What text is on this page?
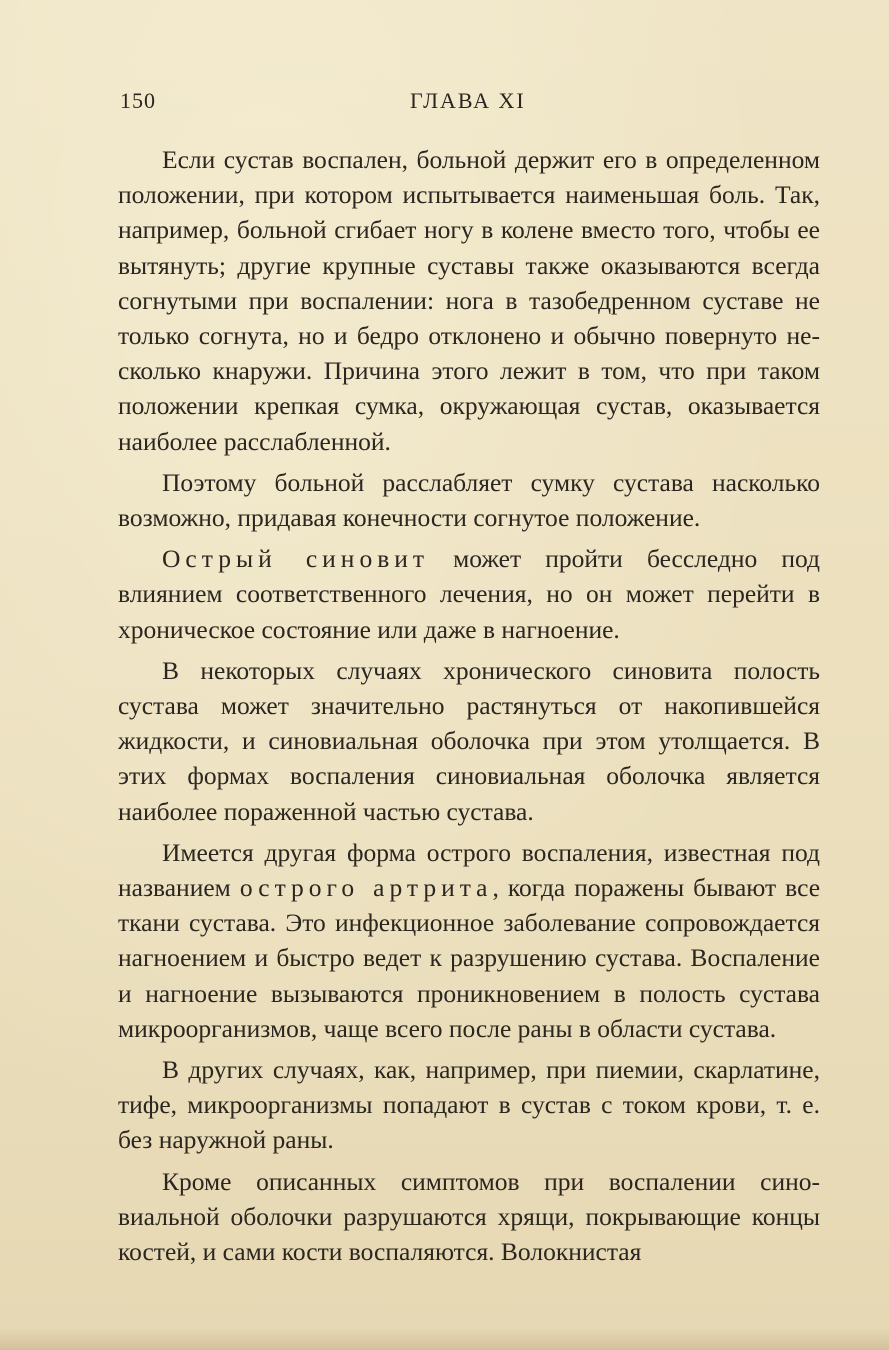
150	ГЛАВА XI

Если сустав воспален, больной держит его в определенном положении, при котором испытывается наименьшая боль. Так, например, больной сгибает ногу в колене вместо того, чтобы ее вытянуть; другие крупные суставы также оказываются всегда согнутыми при воспалении: нога в тазобедренном суставе не только согнута, но и бедро отклонено и обычно повернуто несколько кнаружи. Причина этого лежит в том, что при таком положении крепкая сумка, окружающая сустав, оказывается наиболее расслабленной.

Поэтому больной расслабляет сумку сустава насколько возможно, придавая конечности согнутое положение.

Острый синовит может пройти бесследно под влиянием соответственного лечения, но он может перейти в хроническое состояние или даже в нагноение.

В некоторых случаях хронического синовита полость сустава может значительно растянуться от накопившейся жидкости, и синовиальная оболочка при этом утолщается. В этих формах воспаления синовиальная оболочка является наиболее пораженной частью сустава.

Имеется другая форма острого воспаления, известная под названием острого артрита, когда поражены бывают все ткани сустава. Это инфекционное заболевание сопровождается нагноением и быстро ведет к разрушению сустава. Воспаление и нагноение вызываются проникновением в полость сустава микроорганизмов, чаще всего после раны в области сустава.

В других случаях, как, например, при пиемии, скарлатине, тифе, микроорганизмы попадают в сустав с током крови, т. е. без наружной раны.

Кроме описанных симптомов при воспалении синовиальной оболочки разрушаются хрящи, покрывающие концы костей, и сами кости воспаляются. Волокнистая
